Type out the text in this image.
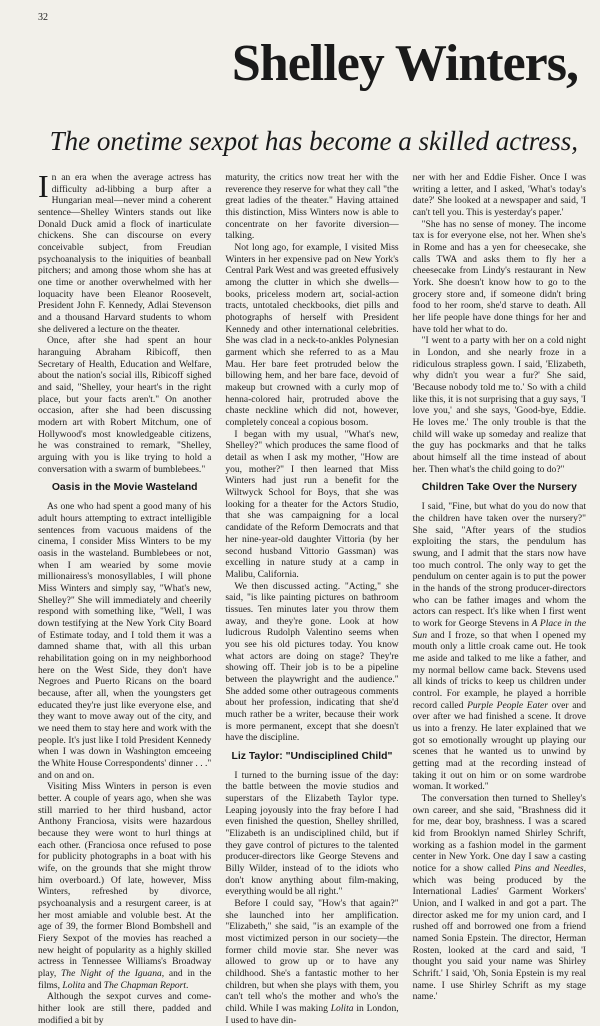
32
Shelley Winters,
The onetime sexpot has become a skilled actress,

In an era when the average actress has difficulty ad-libbing a burp after a Hungarian meal—never mind a coherent sentence—Shelley Winters stands out like Donald Duck amid a flock of inarticulate chickens. She can discourse on every conceivable subject, from Freudian psychoanalysis to the iniquities of beanball pitchers; and among those whom she has at one time or another overwhelmed with her loquacity have been Eleanor Roosevelt, President John F. Kennedy, Adlai Stevenson and a thousand Harvard students to whom she delivered a lecture on the theater.

Once, after she had spent an hour haranguing Abraham Ribicoff, then Secretary of Health, Education and Welfare, about the nation's social ills, Ribicoff sighed and said, "Shelley, your heart's in the right place, but your facts aren't." On another occasion, after she had been discussing modern art with Robert Mitchum, one of Hollywood's most knowledgeable citizens, he was constrained to remark, "Shelley, arguing with you is like trying to hold a conversation with a swarm of bumblebees."

Oasis in the Movie Wasteland

As one who had spent a good many of his adult hours attempting to extract intelligible sentences from vacuous maidens of the cinema, I consider Miss Winters to be my oasis in the wasteland. Bumblebees or not, when I am wearied by some movie millionairess's monosyllables, I will phone Miss Winters and simply say, "What's new, Shelley?" She will immediately and cheerily respond with something like, "Well, I was down testifying at the New York City Board of Estimate today, and I told them it was a damned shame that, with all this urban rehabilitation going on in my neighborhood here on the West Side, they don't have Negroes and Puerto Ricans on the board because, after all, when the youngsters get educated they're just like everyone else, and they want to move away out of the city, and we need them to stay here and work with the people. It's just like I told President Kennedy when I was down in Washington emceeing the White House Correspondents' dinner . . ." and on and on.

Visiting Miss Winters in person is even better. A couple of years ago, when she was still married to her third husband, actor Anthony Franciosa, visits were hazardous because they were wont to hurl things at each other. (Franciosa once refused to pose for publicity photographs in a boat with his wife, on the grounds that she might throw him overboard.) Of late, however, Miss Winters, refreshed by divorce, psychoanalysis and a resurgent career, is at her most amiable and voluble best. At the age of 39, the former Blond Bombshell and Fiery Sexpot of the movies has reached a new height of popularity as a highly skilled actress in Tennessee Williams's Broadway play, The Night of the Iguana, and in the films, Lolita and The Chapman Report.

Although the sexpot curves and come-hither look are still there, padded and modified a bit by

maturity, the critics now treat her with the reverence they reserve for what they call "the great ladies of the theater." Having attained this distinction, Miss Winters now is able to concentrate on her favorite diversion—talking.

Not long ago, for example, I visited Miss Winters in her expensive pad on New York's Central Park West and was greeted effusively among the clutter in which she dwells—books, priceless modern art, social-action tracts, untotaled checkbooks, diet pills and photographs of herself with President Kennedy and other international celebrities. She was clad in a neck-to-ankles Polynesian garment which she referred to as a Mau Mau. Her bare feet protruded below the billowing hem, and her bare face, devoid of makeup but crowned with a curly mop of henna-colored hair, protruded above the chaste neckline which did not, however, completely conceal a copious bosom.

I began with my usual, "What's new, Shelley?" which produces the same flood of detail as when I ask my mother, "How are you, mother?" I then learned that Miss Winters had just run a benefit for the Wiltwyck School for Boys, that she was looking for a theater for the Actors Studio, that she was campaigning for a local candidate of the Reform Democrats and that her nine-year-old daughter Vittoria (by her second husband Vittorio Gassman) was excelling in nature study at a camp in Malibu, California.

We then discussed acting. "Acting," she said, "is like painting pictures on bathroom tissues. Ten minutes later you throw them away, and they're gone. Look at how ludicrous Rudolph Valentino seems when you see his old pictures today. You know what actors are doing on stage? They're showing off. Their job is to be a pipeline between the playwright and the audience." She added some other outrageous comments about her profession, indicating that she'd much rather be a writer, because their work is more permanent, except that she doesn't have the discipline.

Liz Taylor: "Undisciplined Child"

I turned to the burning issue of the day: the battle between the movie studios and superstars of the Elizabeth Taylor type. Leaping joyously into the fray before I had even finished the question, Shelley shrilled, "Elizabeth is an undisciplined child, but if they gave control of pictures to the talented producer-directors like George Stevens and Billy Wilder, instead of to the idiots who don't know anything about film-making, everything would be all right."

Before I could say, "How's that again?" she launched into her amplification. "Elizabeth," she said, "is an example of the most victimized person in our society—the former child movie star. She never was allowed to grow up or to have any childhood. She's a fantastic mother to her children, but when she plays with them, you can't tell who's the mother and who's the child. While I was making Lolita in London, I used to have din-

ner with her and Eddie Fisher. Once I was writing a letter, and I asked, 'What's today's date?' She looked at a newspaper and said, 'I can't tell you. This is yesterday's paper.'

"She has no sense of money. The income tax is for everyone else, not her. When she's in Rome and has a yen for cheesecake, she calls TWA and asks them to fly her a cheesecake from Lindy's restaurant in New York. She doesn't know how to go to the grocery store and, if someone didn't bring food to her room, she'd starve to death. All her life people have done things for her and have told her what to do.

"I went to a party with her on a cold night in London, and she nearly froze in a ridiculous strapless gown. I said, 'Elizabeth, why didn't you wear a fur?' She said, 'Because nobody told me to.' So with a child like this, it is not surprising that a guy says, 'I love you,' and she says, 'Good-bye, Eddie. He loves me.' The only trouble is that the child will wake up someday and realize that the guy has pockmarks and that he talks about himself all the time instead of about her. Then what's the child going to do?"

Children Take Over the Nursery

I said, "Fine, but what do you do now that the children have taken over the nursery?" She said, "After years of the studios exploiting the stars, the pendulum has swung, and I admit that the stars now have too much control. The only way to get the pendulum on center again is to put the power in the hands of the strong producer-directors who can be father images and whom the actors can respect. It's like when I first went to work for George Stevens in A Place in the Sun and I froze, so that when I opened my mouth only a little croak came out. He took me aside and talked to me like a father, and my normal bellow came back. Stevens used all kinds of tricks to keep us children under control. For example, he played a horrible record called Purple People Eater over and over after we had finished a scene. It drove us into a frenzy. He later explained that we got so emotionally wrought up playing our scenes that he wanted us to unwind by getting mad at the recording instead of taking it out on him or on some wardrobe woman. It worked."

The conversation then turned to Shelley's own career, and she said, "Brashness did it for me, dear boy, brashness. I was a scared kid from Brooklyn named Shirley Schrift, working as a fashion model in the garment center in New York. One day I saw a casting notice for a show called Pins and Needles, which was being produced by the International Ladies' Garment Workers' Union, and I walked in and got a part. The director asked me for my union card, and I rushed off and borrowed one from a friend named Sonia Epstein. The director, Herman Rosten, looked at the card and said, 'I thought you said your name was Shirley Schrift.' I said, 'Oh, Sonia Epstein is my real name. I use Shirley Schrift as my stage name.'
